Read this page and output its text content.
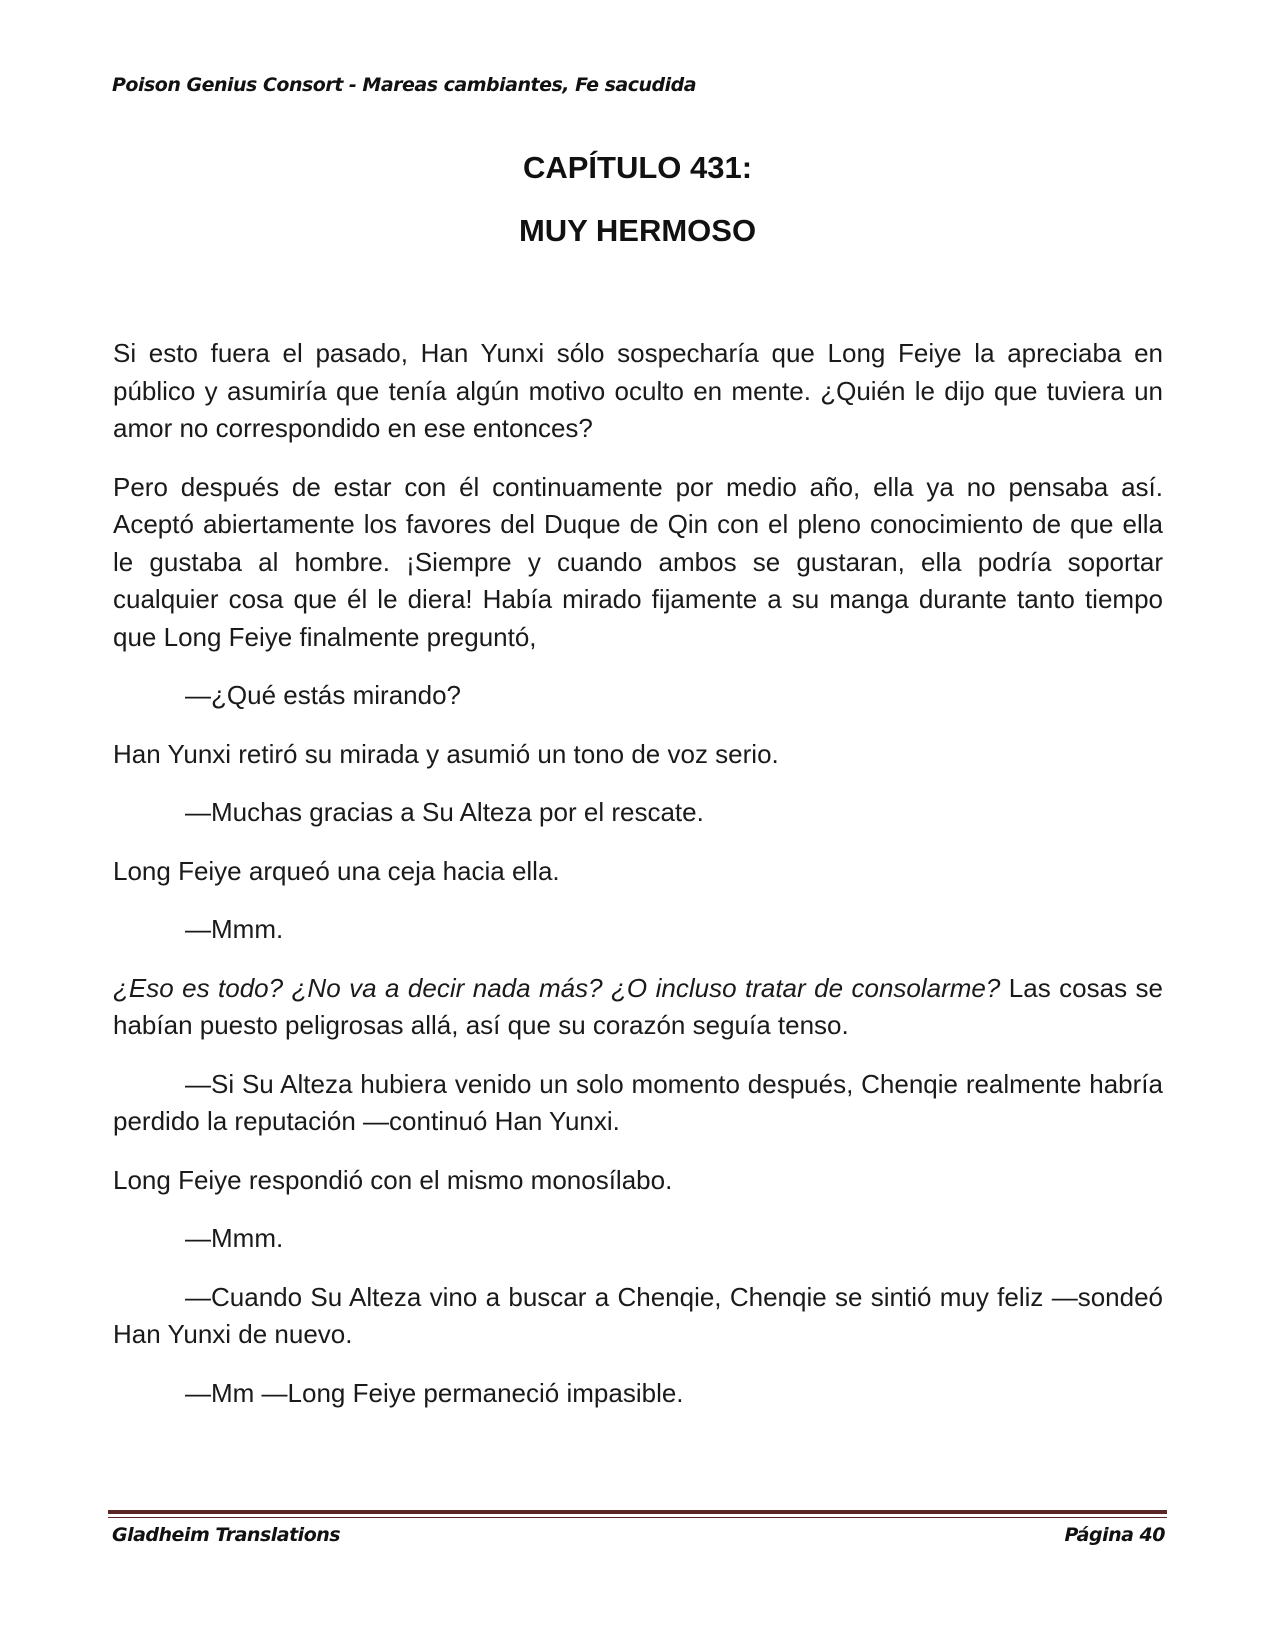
Poison Genius Consort - Mareas cambiantes, Fe sacudida
CAPÍTULO 431:
MUY HERMOSO

Si esto fuera el pasado, Han Yunxi sólo sospecharía que Long Feiye la apreciaba en público y asumiría que tenía algún motivo oculto en mente. ¿Quién le dijo que tuviera un amor no correspondido en ese entonces?

Pero después de estar con él continuamente por medio año, ella ya no pensaba así. Aceptó abiertamente los favores del Duque de Qin con el pleno conocimiento de que ella le gustaba al hombre. ¡Siempre y cuando ambos se gustaran, ella podría soportar cualquier cosa que él le diera! Había mirado fijamente a su manga durante tanto tiempo que Long Feiye finalmente preguntó,

—¿Qué estás mirando?

Han Yunxi retiró su mirada y asumió un tono de voz serio.

—Muchas gracias a Su Alteza por el rescate.

Long Feiye arqueó una ceja hacia ella.

—Mmm.

¿Eso es todo? ¿No va a decir nada más? ¿O incluso tratar de consolarme? Las cosas se habían puesto peligrosas allá, así que su corazón seguía tenso.

—Si Su Alteza hubiera venido un solo momento después, Chenqie realmente habría perdido la reputación —continuó Han Yunxi.

Long Feiye respondió con el mismo monosílabo.

—Mmm.

—Cuando Su Alteza vino a buscar a Chenqie, Chenqie se sintió muy feliz —sondeó Han Yunxi de nuevo.

—Mm —Long Feiye permaneció impasible.

Gladheim Translations	Página 40
